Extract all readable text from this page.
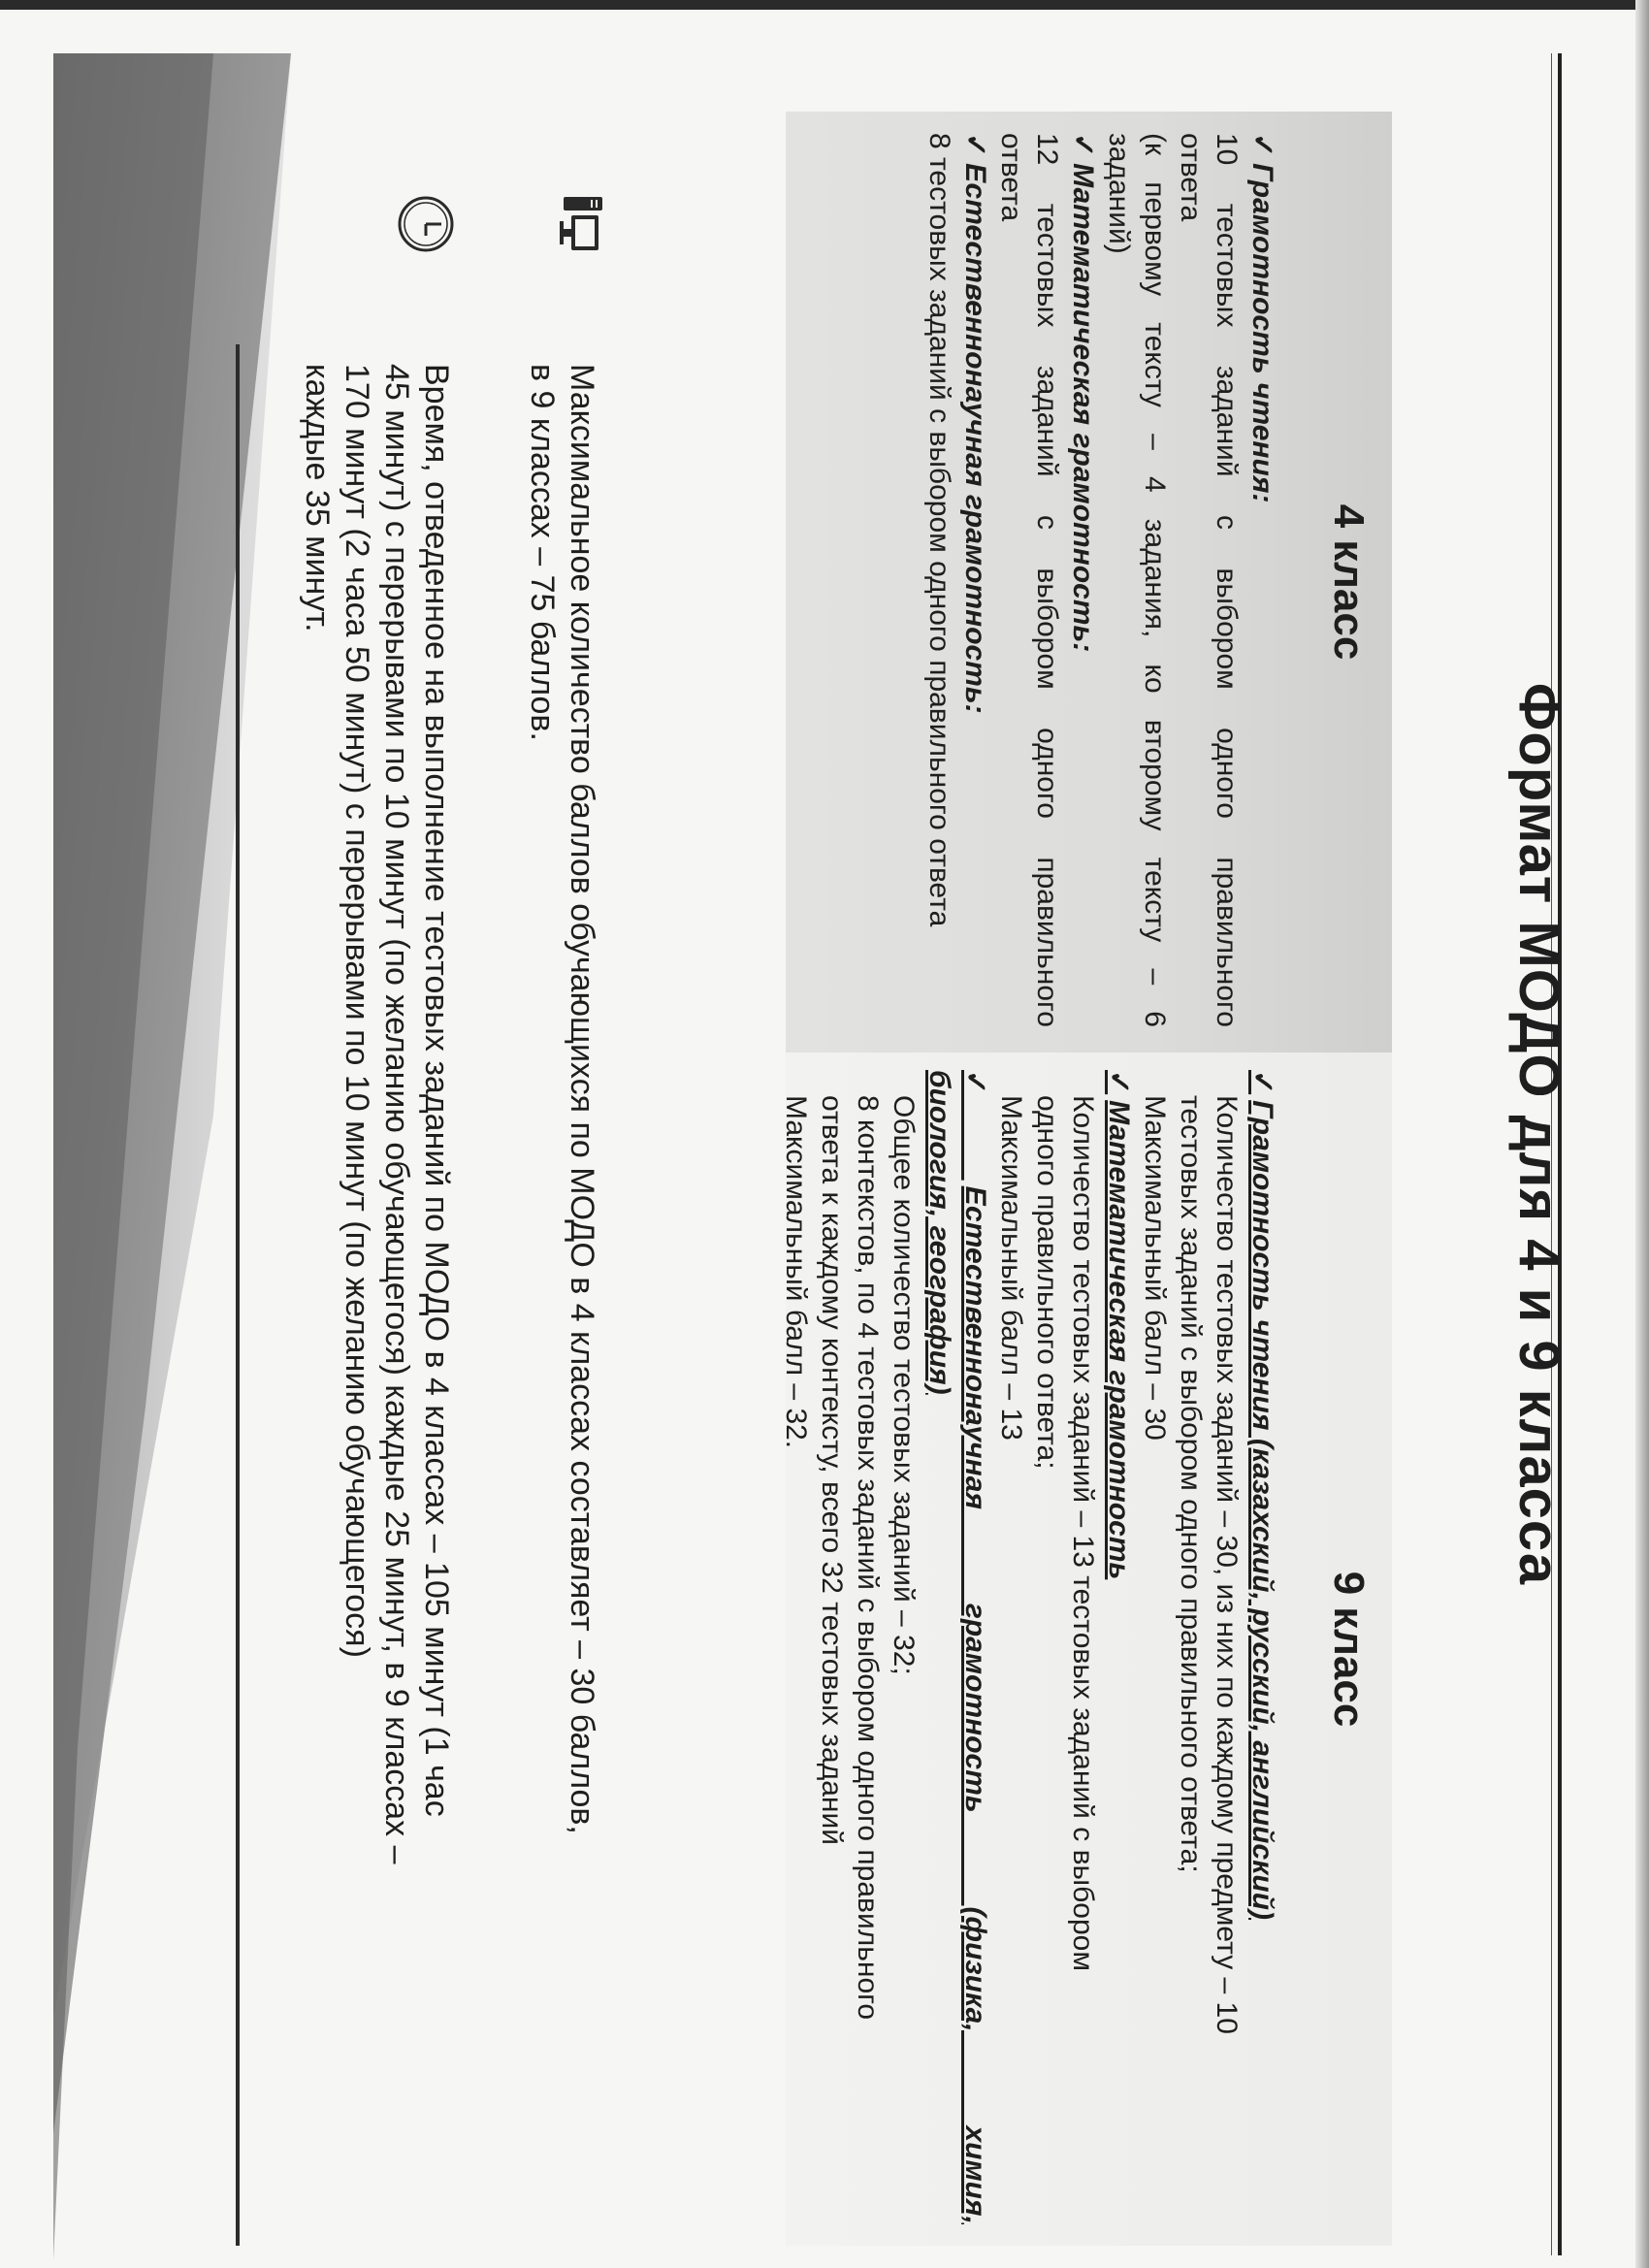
Формат МОДО для 4 и 9 класса
4 класс

✓Грамотность чтения:

10 тестовых заданий с выбором одного правильного

ответа

(к первому тексту – 4 задания, ко второму тексту – 6

заданий)

✓Математическая грамотность:

12 тестовых заданий с выбором одного правильного

ответа

✓Естественнонаучная грамотность:

8 тестовых заданий с выбором одного правильного ответа

9 класс

✓Грамотность чтения (казахский, русский, английский)

Количество тестовых заданий – 30, из них по каждому предмету – 10

тестовых заданий с выбором одного правильного ответа;

Максимальный балл – 30

✓Математическая грамотность

Количество тестовых заданий – 13 тестовых заданий с выбором

одного правильного ответа;

Максимальный балл – 13

✓Естественнонаучная грамотность (физика, химия,

биология, география)

Общее количество тестовых заданий – 32;

8 контекстов, по 4 тестовых заданий с выбором одного правильного

ответа к каждому контексту, всего 32 тестовых заданий

Максимальный балл – 32.

Максимальное количество баллов обучающихся по МОДО в 4 классах составляет – 30 баллов,
в 9 классах – 75 баллов.
Время, отведенное на выполнение тестовых заданий по МОДО в 4 классах – 105 минут (1 час
45 минут) с перерывами по 10 минут (по желанию обучающегося) каждые 25 минут, в 9 классах –
170 минут (2 часа 50 минут) с перерывами по 10 минут (по желанию обучающегося)
каждые 35 минут.
